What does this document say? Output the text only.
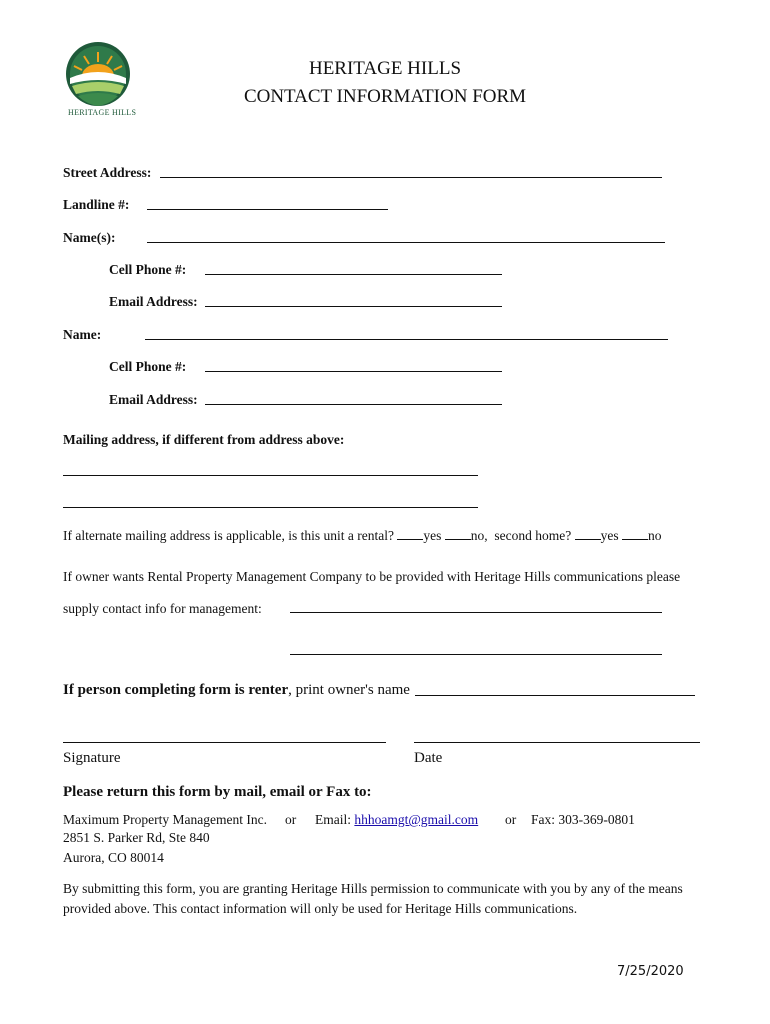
HERITAGE HILLS
HERITAGE HILLS
CONTACT INFORMATION FORM
Street Address:
Landline #:
Name(s):
Cell Phone #:
Email Address:
Name:
Cell Phone #:
Email Address:
Mailing address, if different from address above:
If alternate mailing address is applicable, is this unit a rental? yes no, second home? yes no
If owner wants Rental Property Management Company to be provided with Heritage Hills communications please
supply contact info for management:
If person completing form is renter, print owner's name
Signature	Date
Please return this form by mail, email or Fax to:
Maximum Property Management Inc. or Email: hhhoamgt@gmail.com or Fax: 303-369-0801
2851 S. Parker Rd, Ste 840
Aurora, CO 80014
By submitting this form, you are granting Heritage Hills permission to communicate with you by any of the means
provided above. This contact information will only be used for Heritage Hills communications.
7/25/2020
